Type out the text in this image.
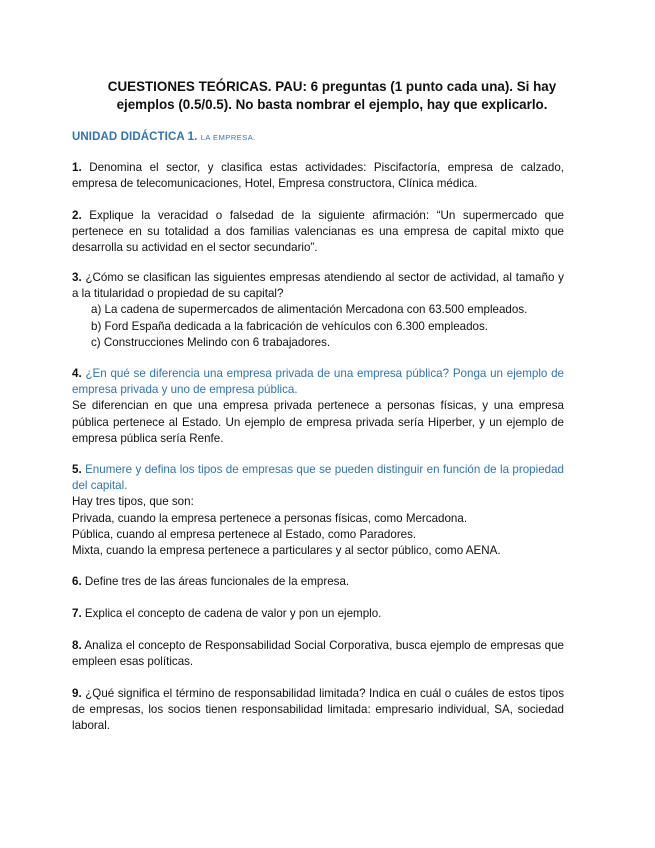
CUESTIONES TEÓRICAS. PAU: 6 preguntas (1 punto cada una). Si hay
ejemplos (0.5/0.5). No basta nombrar el ejemplo, hay que explicarlo.
UNIDAD DIDÁCTICA 1. LA EMPRESA.

1. Denomina el sector, y clasifica estas actividades: Piscifactoría, empresa de calzado, empresa de telecomunicaciones, Hotel, Empresa constructora, Clínica médica.

2. Explique la veracidad o falsedad de la siguiente afirmación: “Un supermercado que pertenece en su totalidad a dos familias valencianas es una empresa de capital mixto que desarrolla su actividad en el sector secundario”.

3. ¿Cómo se clasifican las siguientes empresas atendiendo al sector de actividad, al tamaño y a la titularidad o propiedad de su capital?

a) La cadena de supermercados de alimentación Mercadona con 63.500 empleados.

b) Ford España dedicada a la fabricación de vehículos con 6.300 empleados.

c) Construcciones Melindo con 6 trabajadores.

4. ¿En qué se diferencia una empresa privada de una empresa pública? Ponga un ejemplo de empresa privada y uno de empresa pública.

Se diferencian en que una empresa privada pertenece a personas físicas, y una empresa pública pertenece al Estado. Un ejemplo de empresa privada sería Hiperber, y un ejemplo de empresa pública sería Renfe.

5. Enumere y defina los tipos de empresas que se pueden distinguir en función de la propiedad del capital.

Hay tres tipos, que son:

Privada, cuando la empresa pertenece a personas físicas, como Mercadona.

Pública, cuando al empresa pertenece al Estado, como Paradores.

Mixta, cuando la empresa pertenece a particulares y al sector público, como AENA.

6. Define tres de las áreas funcionales de la empresa.

7. Explica el concepto de cadena de valor y pon un ejemplo.

8. Analiza el concepto de Responsabilidad Social Corporativa, busca ejemplo de empresas que empleen esas políticas.

9. ¿Qué significa el término de responsabilidad limitada? Indica en cuál o cuáles de estos tipos de empresas, los socios tienen responsabilidad limitada: empresario individual, SA, sociedad laboral.
